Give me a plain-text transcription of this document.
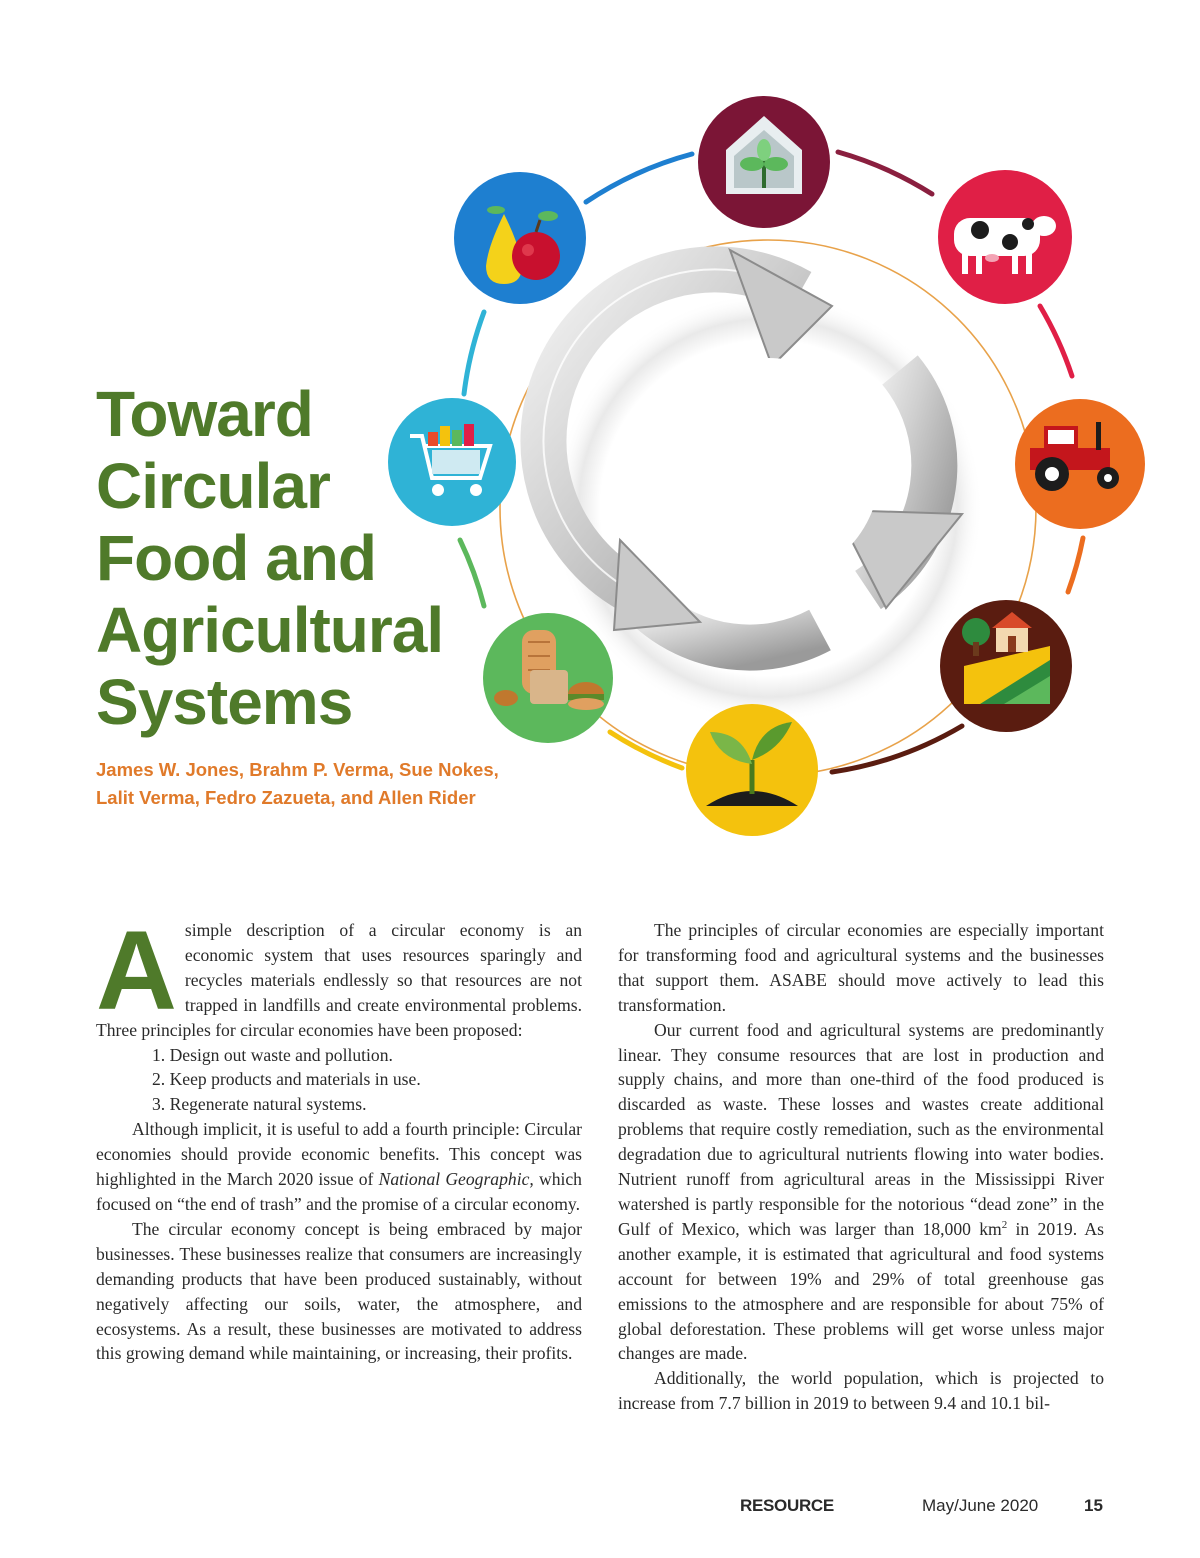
Toward
Circular
Food and
Agricultural
Systems
James W. Jones, Brahm P. Verma, Sue Nokes,
Lalit Verma, Fedro Zazueta, and Allen Rider

Asimple description of a circular economy is an economic system that uses resources sparingly and recycles materials endlessly so that resources are not trapped in landfills and create environmental problems. Three principles for circular economies have been proposed:

Design out waste and pollution.
Keep products and materials in use.
Regenerate natural systems.

Although implicit, it is useful to add a fourth principle: Circular economies should provide economic benefits. This concept was highlighted in the March 2020 issue of National Geographic, which focused on “the end of trash” and the promise of a circular economy.

The circular economy concept is being embraced by major businesses. These businesses realize that consumers are increasingly demanding products that have been produced sustainably, without negatively affecting our soils, water, the atmosphere, and ecosystems. As a result, these businesses are motivated to address this growing demand while maintaining, or increasing, their profits.

The principles of circular economies are especially important for transforming food and agricultural systems and the businesses that support them. ASABE should move actively to lead this transformation.

Our current food and agricultural systems are predominantly linear. They consume resources that are lost in production and supply chains, and more than one-third of the food produced is discarded as waste. These losses and wastes create additional problems that require costly remediation, such as the environmental degradation due to agricultural nutrients flowing into water bodies. Nutrient runoff from agricultural areas in the Mississippi River watershed is partly responsible for the notorious “dead zone” in the Gulf of Mexico, which was larger than 18,000 $km^2$ in 2019. As another example, it is estimated that agricultural and food systems account for between 19% and 29% of total greenhouse gas emissions to the atmosphere and are responsible for about 75% of global deforestation. These problems will get worse unless major changes are made.

Additionally, the world population, which is projected to increase from 7.7 billion in 2019 to between 9.4 and 10.1 bil-

RESOURCE	May/June 2020	15
